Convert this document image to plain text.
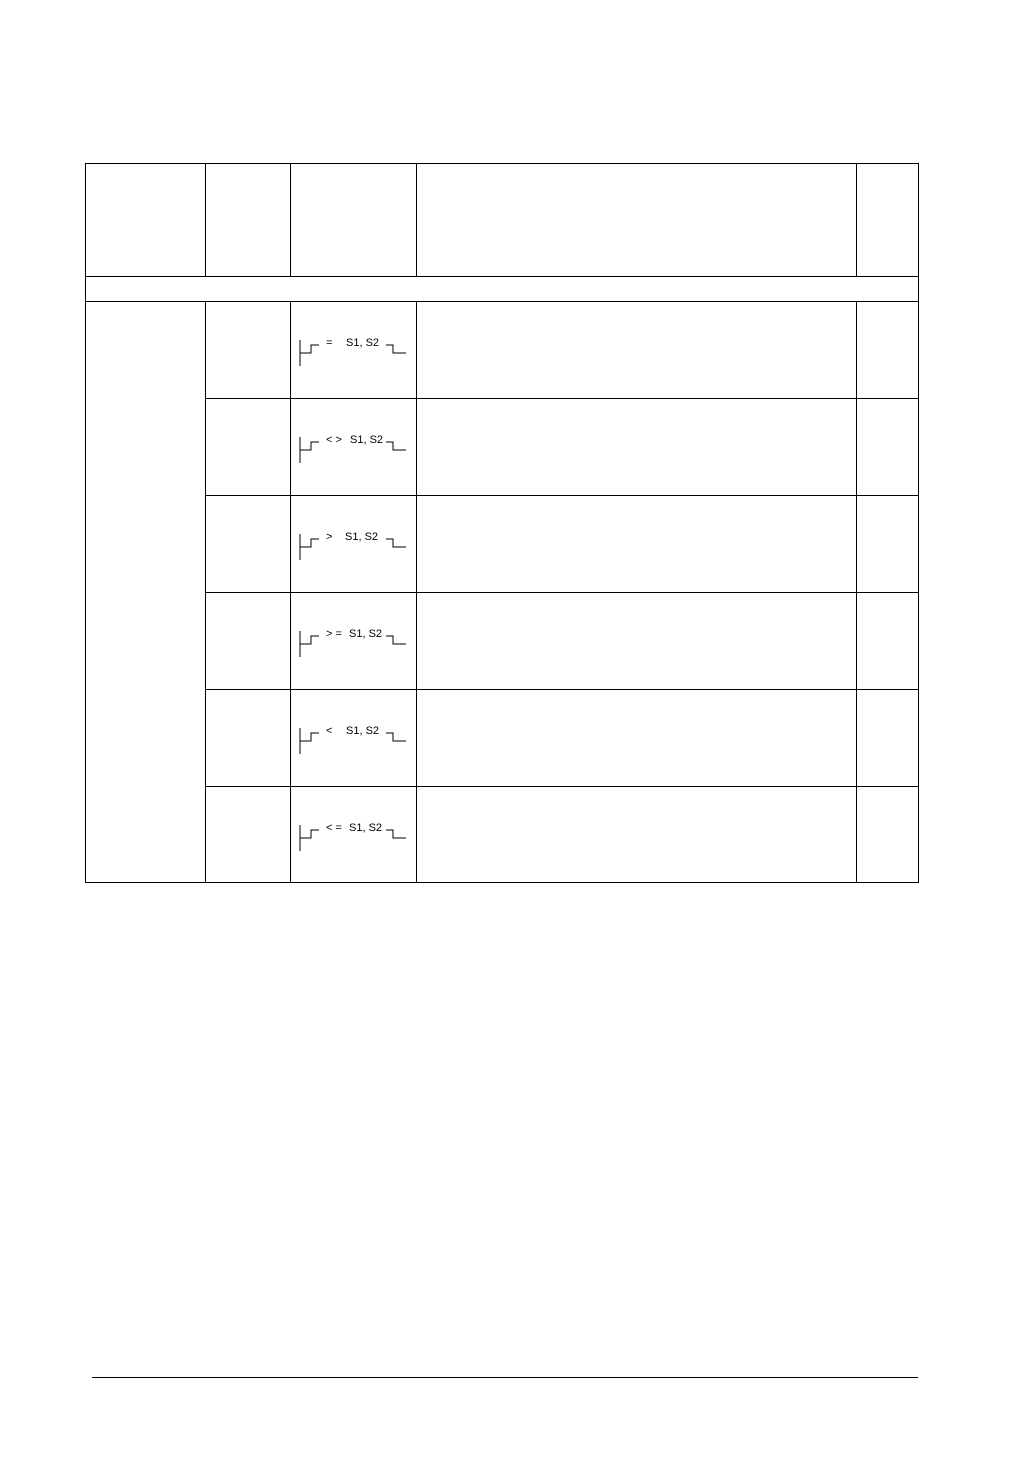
= S1, S2
< > S1, S2
> S1, S2
> = S1, S2
< S1, S2
< = S1, S2
